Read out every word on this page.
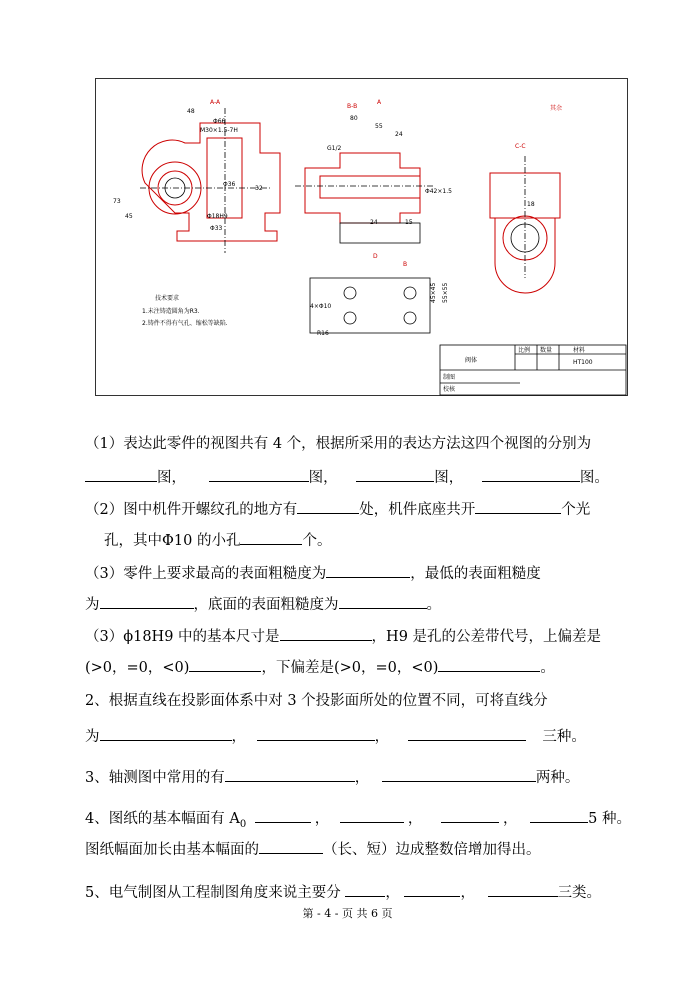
A-A
48
Φ66
M30×1.5-7H
Φ36
32
73
45	Φ18H9
Φ33
B-B
A
80
55
24
G1/2
Φ42×1.5
24	15
D
B
45×45 55×55
4×Φ10
R16
C-C
其余
18
技术要求
1.未注铸造圆角为R3.
2.铸件不得有气孔、缩松等缺陷.
阀体
比例 数量	材料
HT100
制图
校核
（1）表达此零件的视图共有 4 个，根据所采用的表达方法这四个视图的分别为
图，	图，	图，	图。
（2）图中机件开螺纹孔的地方有	处，机件底座共开	个光
孔，其中Φ10 的小孔	个。
（3）零件上要求最高的表面粗糙度为	，最低的表面粗糙度
为	，底面的表面粗糙度为	。
（3）ϕ18H9 中的基本尺寸是	，H9 是孔的公差带代号，上偏差是
(>0，=0，<0)	，下偏差是(>0，=0，<0)	。
2、根据直线在投影面体系中对 3 个投影面所处的位置不同，可将直线分
为	，	，	三种。
3、轴测图中常用的有	，	两种。
4、图纸的基本幅面有 $A_0$	，	，	，	5 种。
图纸幅面加长由基本幅面的	（长、短）边成整数倍增加得出。
5、电气制图从工程制图角度来说主要分	，	，	三类。
第 - 4 - 页 共 6 页
